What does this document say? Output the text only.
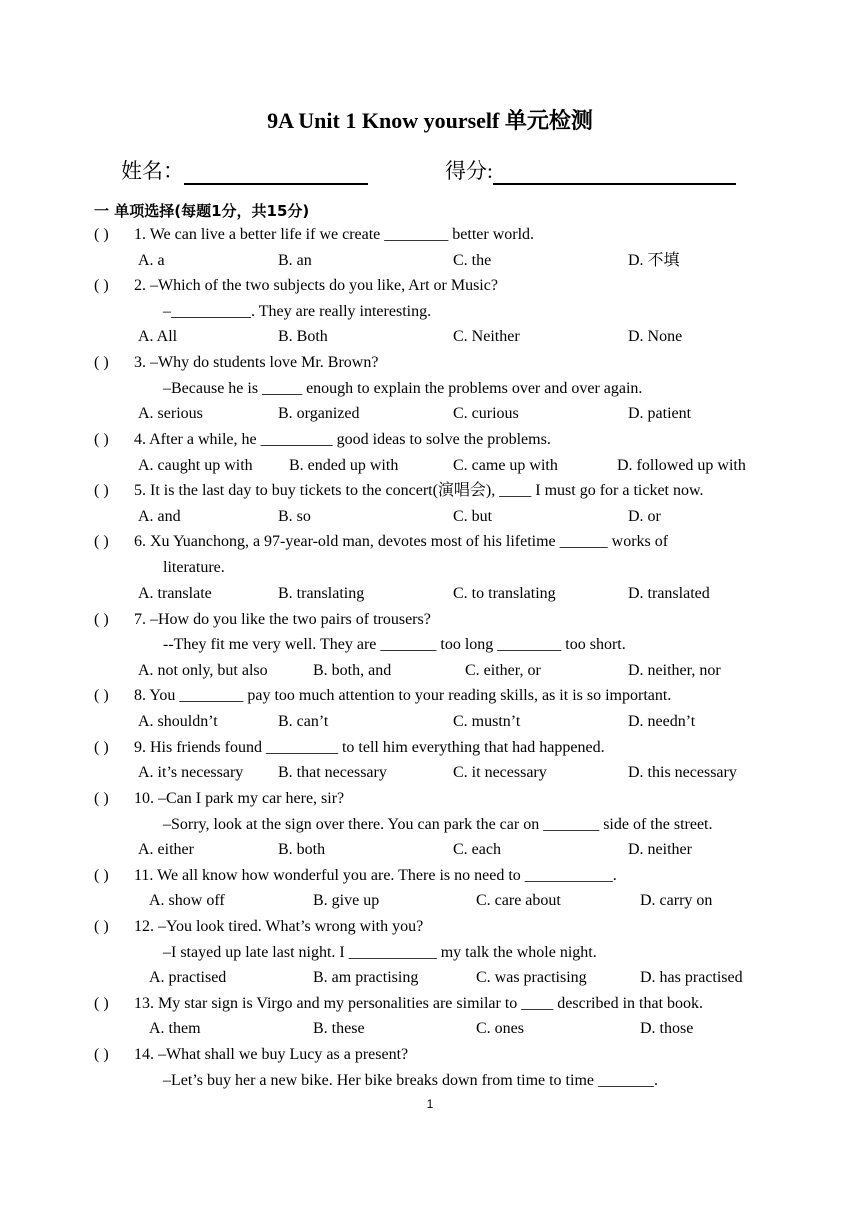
9A Unit 1 Know yourself 单元检测
姓名：	得分:
一 单项选择(每题1分，共15分)
( ) 1. We can live a better life if we create ________ better world.
A. a	B. an	C. the	D. 不填
( ) 2. –Which of the two subjects do you like, Art or Music?
–__________. They are really interesting.
A. All	B. Both	C. Neither	D. None
( ) 3. –Why do students love Mr. Brown?
–Because he is _____ enough to explain the problems over and over again.
A. serious	B. organized	C. curious	D. patient
( ) 4. After a while, he _________ good ideas to solve the problems.
A. caught up with B. ended up with	C. came up with	D. followed up with
( ) 5. It is the last day to buy tickets to the concert(演唱会), ____ I must go for a ticket now.
A. and	B. so	C. but	D. or
( ) 6. Xu Yuanchong, a 97-year-old man, devotes most of his lifetime ______ works of
literature.
A. translate	B. translating	C. to translating	D. translated
( ) 7. –How do you like the two pairs of trousers?
--They fit me very well. They are _______ too long ________ too short.
A. not only, but also	B. both, and	C. either, or	D. neither, nor
( ) 8. You ________ pay too much attention to your reading skills, as it is so important.
A. shouldn’t	B. can’t	C. mustn’t	D. needn’t
( ) 9. His friends found _________ to tell him everything that had happened.
A. it’s necessary B. that necessary	C. it necessary	D. this necessary
( ) 10. –Can I park my car here, sir?
–Sorry, look at the sign over there. You can park the car on _______ side of the street.
A. either	B. both	C. each	D. neither
( ) 11. We all know how wonderful you are. There is no need to ___________.
A. show off	B. give up	C. care about	D. carry on
( ) 12. –You look tired. What’s wrong with you?
–I stayed up late last night. I ___________ my talk the whole night.
A. practised	B. am practising	C. was practising	D. has practised
( ) 13. My star sign is Virgo and my personalities are similar to ____ described in that book.
A. them	B. these	C. ones	D. those
( ) 14. –What shall we buy Lucy as a present?
–Let’s buy her a new bike. Her bike breaks down from time to time _______.
1
